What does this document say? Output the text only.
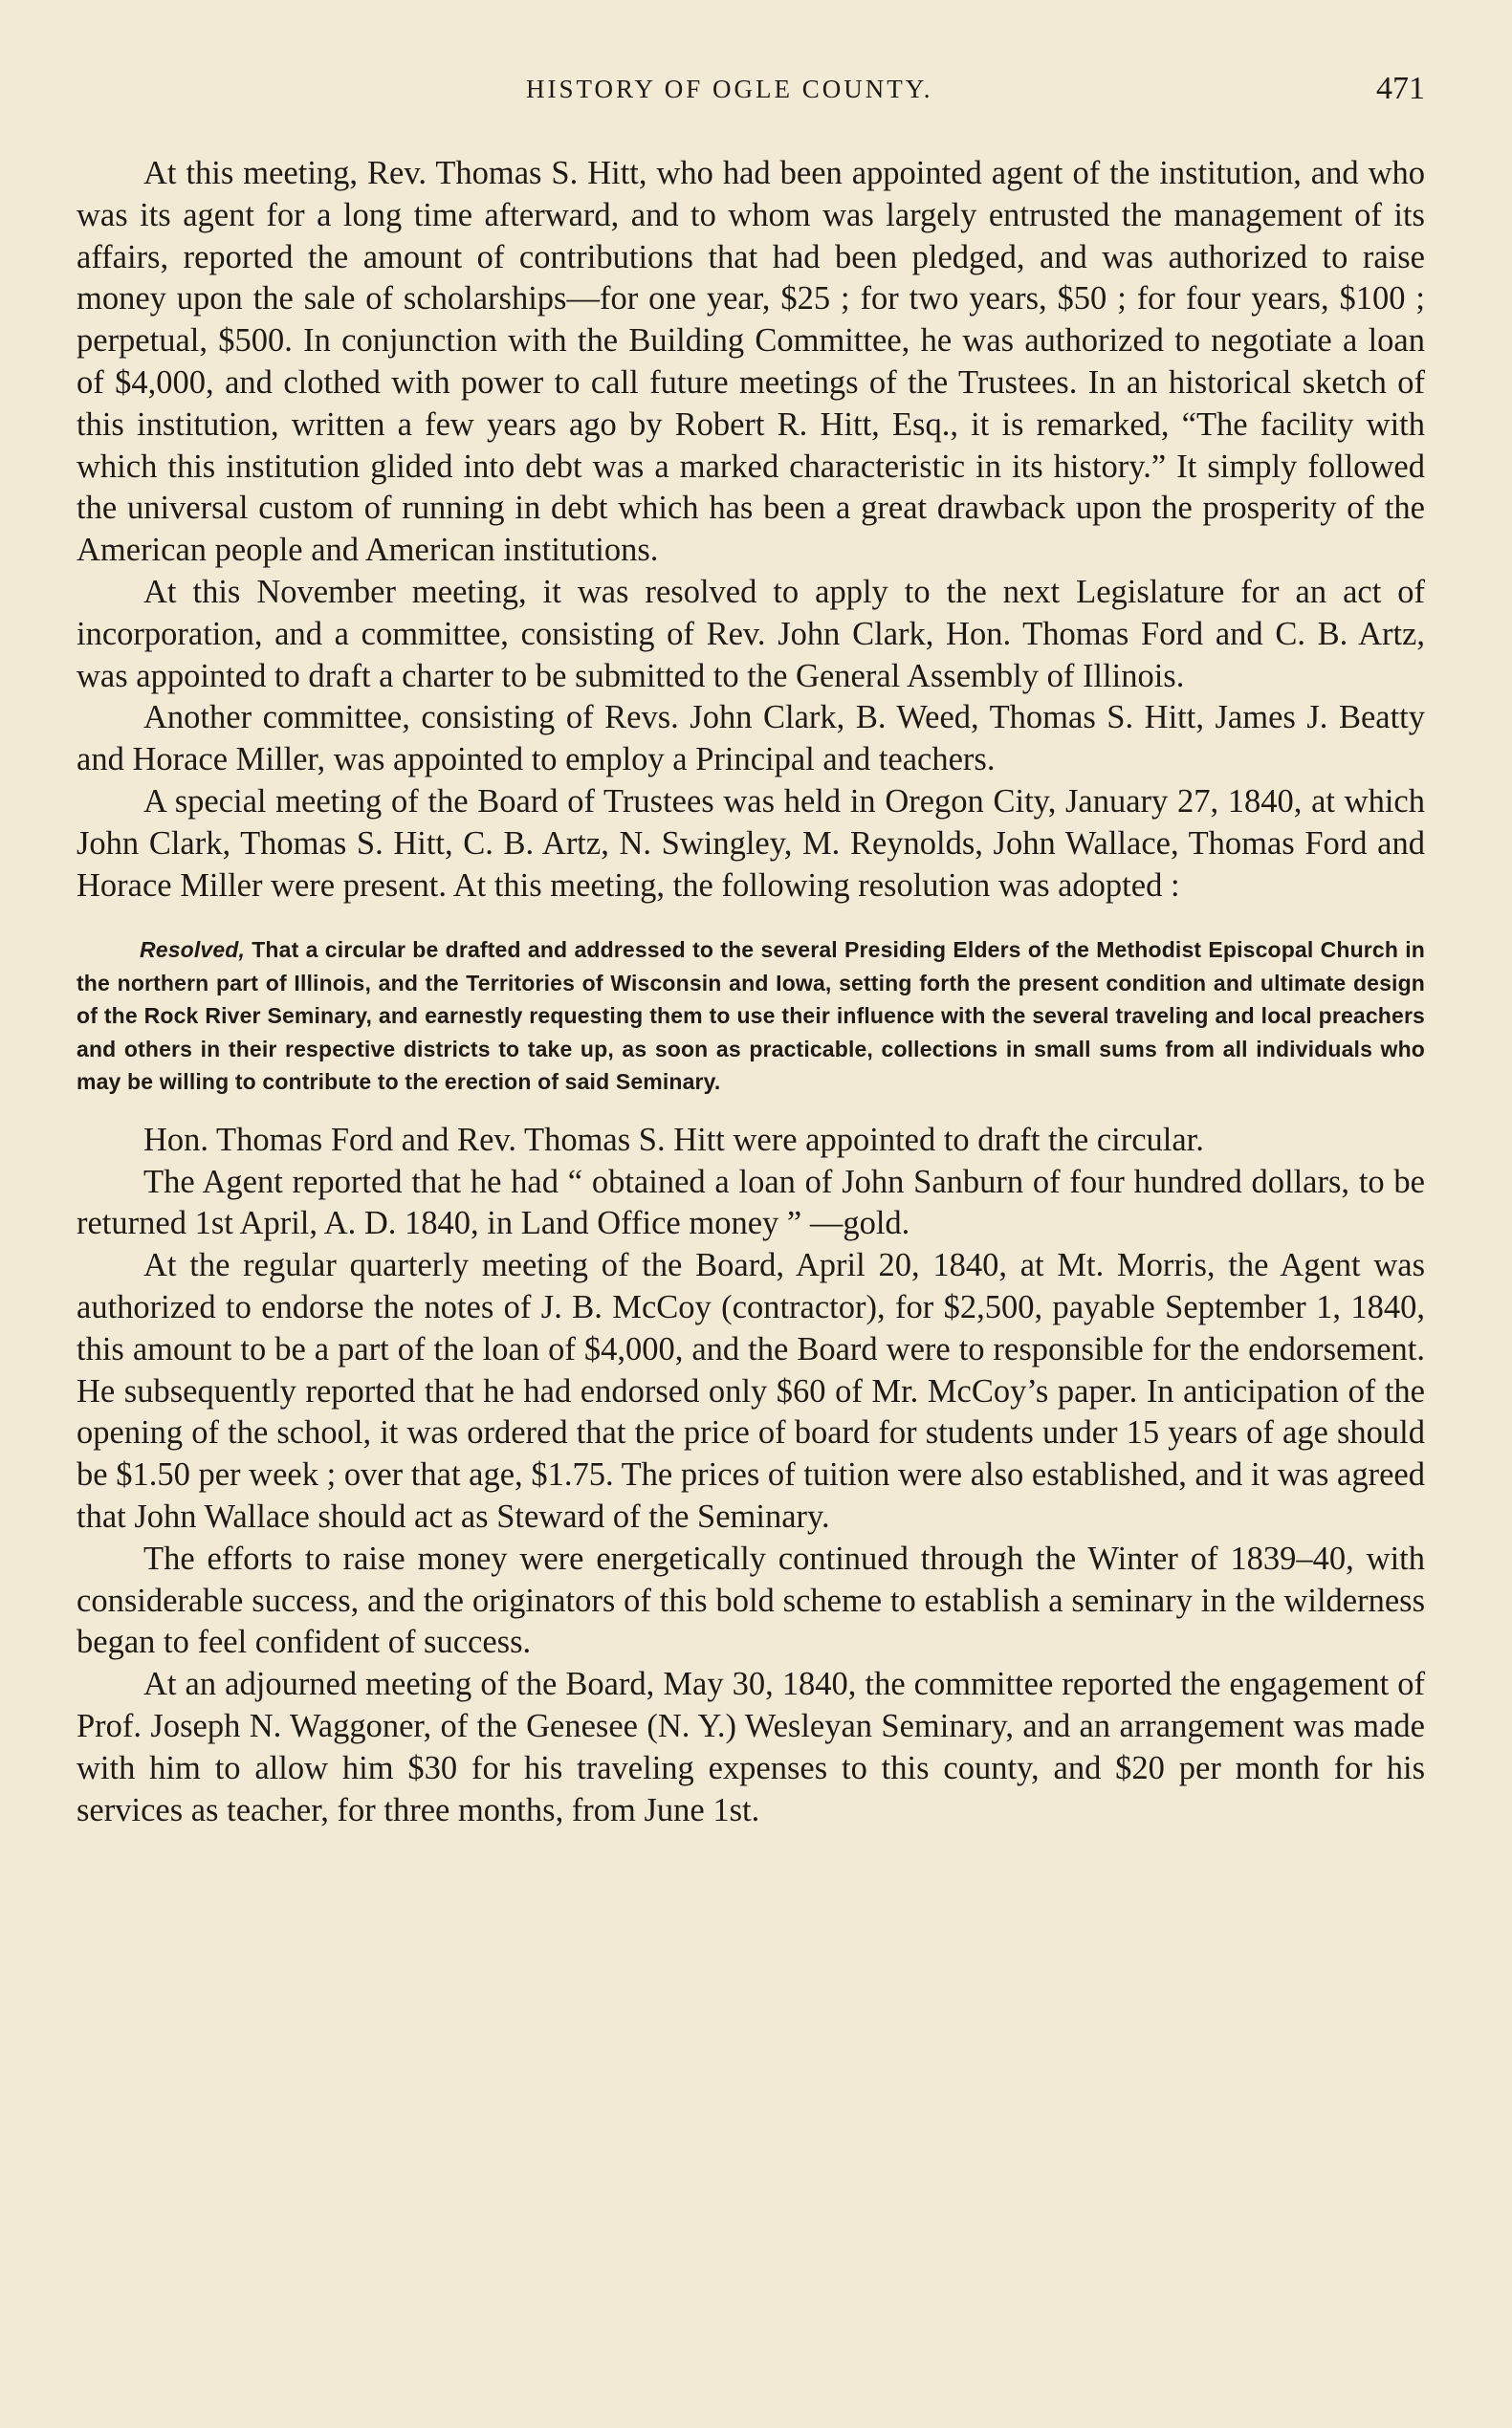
HISTORY OF OGLE COUNTY.	471

At this meeting, Rev. Thomas S. Hitt, who had been appointed agent of the institution, and who was its agent for a long time afterward, and to whom was largely entrusted the management of its affairs, reported the amount of contributions that had been pledged, and was authorized to raise money upon the sale of scholarships—for one year, $25 ; for two years, $50 ; for four years, $100 ; perpetual, $500. In conjunction with the Building Committee, he was authorized to negotiate a loan of $4,000, and clothed with power to call future meetings of the Trustees. In an historical sketch of this institution, written a few years ago by Robert R. Hitt, Esq., it is remarked, “The facility with which this institution glided into debt was a marked characteristic in its history.” It simply followed the universal custom of running in debt which has been a great drawback upon the prosperity of the American people and American institutions.

At this November meeting, it was resolved to apply to the next Legislature for an act of incorporation, and a committee, consisting of Rev. John Clark, Hon. Thomas Ford and C. B. Artz, was appointed to draft a charter to be submitted to the General Assembly of Illinois.

Another committee, consisting of Revs. John Clark, B. Weed, Thomas S. Hitt, James J. Beatty and Horace Miller, was appointed to employ a Principal and teachers.

A special meeting of the Board of Trustees was held in Oregon City, January 27, 1840, at which John Clark, Thomas S. Hitt, C. B. Artz, N. Swingley, M. Reynolds, John Wallace, Thomas Ford and Horace Miller were present. At this meeting, the following resolution was adopted :

Resolved, That a circular be drafted and addressed to the several Presiding Elders of the Methodist Episcopal Church in the northern part of Illinois, and the Territories of Wisconsin and Iowa, setting forth the present condition and ultimate design of the Rock River Seminary, and earnestly requesting them to use their influence with the several traveling and local preachers and others in their respective districts to take up, as soon as practicable, collections in small sums from all individuals who may be willing to contribute to the erection of said Seminary.

Hon. Thomas Ford and Rev. Thomas S. Hitt were appointed to draft the circular.

The Agent reported that he had “ obtained a loan of John Sanburn of four hundred dollars, to be returned 1st April, A. D. 1840, in Land Office money ” —gold.

At the regular quarterly meeting of the Board, April 20, 1840, at Mt. Morris, the Agent was authorized to endorse the notes of J. B. McCoy (contractor), for $2,500, payable September 1, 1840, this amount to be a part of the loan of $4,000, and the Board were to responsible for the endorsement. He subsequently reported that he had endorsed only $60 of Mr. McCoy’s paper. In anticipation of the opening of the school, it was ordered that the price of board for students under 15 years of age should be $1.50 per week ; over that age, $1.75. The prices of tuition were also established, and it was agreed that John Wallace should act as Steward of the Seminary.

The efforts to raise money were energetically continued through the Winter of 1839–40, with considerable success, and the originators of this bold scheme to establish a seminary in the wilderness began to feel confident of success.

At an adjourned meeting of the Board, May 30, 1840, the committee reported the engagement of Prof. Joseph N. Waggoner, of the Genesee (N. Y.) Wesleyan Seminary, and an arrangement was made with him to allow him $30 for his traveling expenses to this county, and $20 per month for his services as teacher, for three months, from June 1st.
